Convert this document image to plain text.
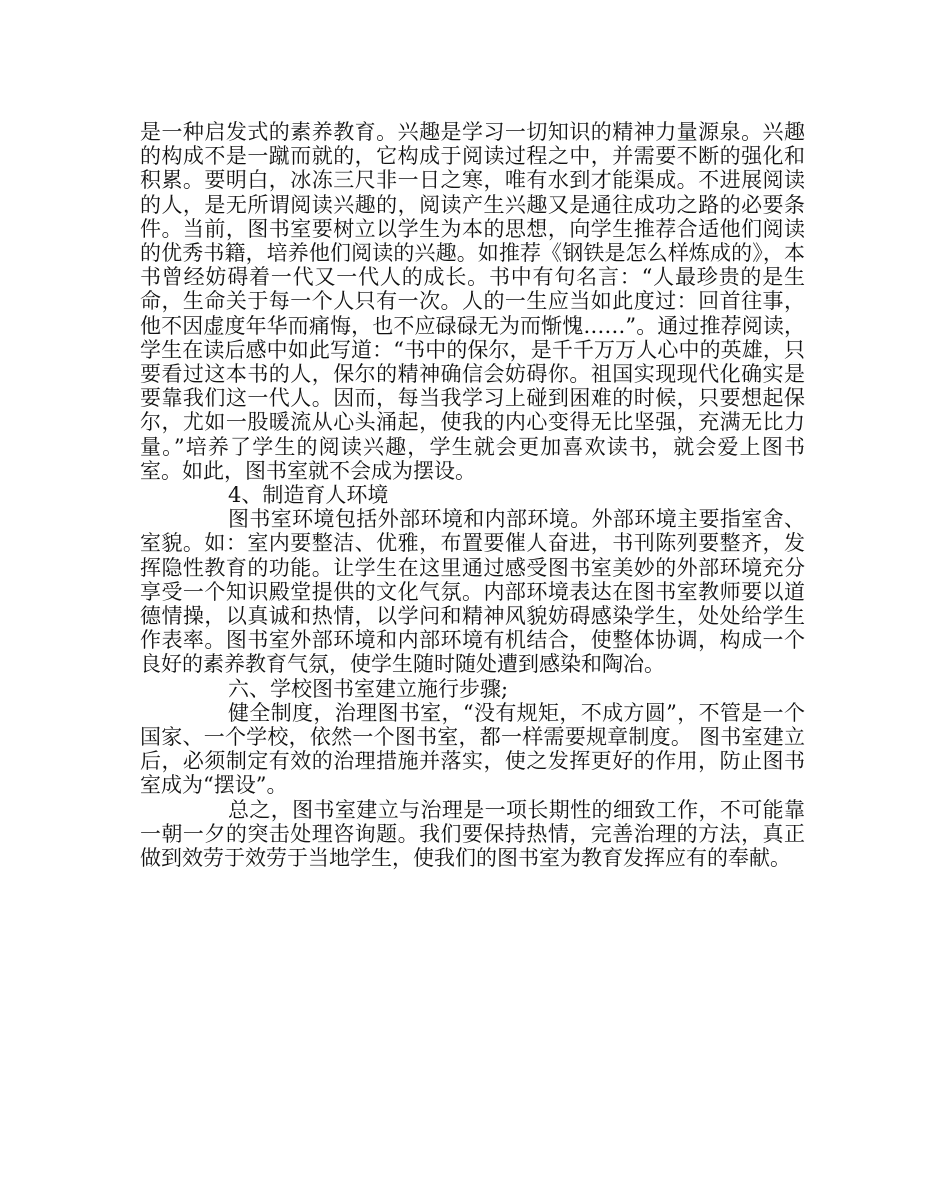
是一种启发式的素养教育。兴趣是学习一切知识的精神力量源泉。兴趣的构成不是一蹴而就的，它构成于阅读过程之中，并需要不断的强化和积累。要明白，冰冻三尺非一日之寒，唯有水到才能渠成。不进展阅读的人，是无所谓阅读兴趣的，阅读产生兴趣又是通往成功之路的必要条件。当前，图书室要树立以学生为本的思想，向学生推荐合适他们阅读的优秀书籍，培养他们阅读的兴趣。如推荐《钢铁是怎么样炼成的》，本书曾经妨碍着一代又一代人的成长。书中有句名言：“人最珍贵的是生命，生命关于每一个人只有一次。人的一生应当如此度过：回首往事，他不因虚度年华而痛悔，也不应碌碌无为而惭愧……”。通过推荐阅读，学生在读后感中如此写道：“书中的保尔，是千千万万人心中的英雄，只要看过这本书的人，保尔的精神确信会妨碍你。祖国实现现代化确实是要靠我们这一代人。因而，每当我学习上碰到困难的时候，只要想起保尔，尤如一股暖流从心头涌起，使我的内心变得无比坚强，充满无比力量。”培养了学生的阅读兴趣，学生就会更加喜欢读书，就会爱上图书室。如此，图书室就不会成为摆设。

4、制造育人环境

图书室环境包括外部环境和内部环境。外部环境主要指室舍、室貌。如：室内要整洁、优雅，布置要催人奋进，书刊陈列要整齐，发挥隐性教育的功能。让学生在这里通过感受图书室美妙的外部环境充分享受一个知识殿堂提供的文化气氛。内部环境表达在图书室教师要以道德情操，以真诚和热情，以学问和精神风貌妨碍感染学生，处处给学生作表率。图书室外部环境和内部环境有机结合，使整体协调，构成一个良好的素养教育气氛，使学生随时随处遭到感染和陶冶。

六、学校图书室建立施行步骤;

健全制度，治理图书室，“没有规矩，不成方圆”，不管是一个国家、一个学校，依然一个图书室，都一样需要规章制度。 图书室建立后，必须制定有效的治理措施并落实，使之发挥更好的作用，防止图书室成为“摆设”。

总之，图书室建立与治理是一项长期性的细致工作，不可能靠一朝一夕的突击处理咨询题。我们要保持热情，完善治理的方法，真正做到效劳于效劳于当地学生，使我们的图书室为教育发挥应有的奉献。
